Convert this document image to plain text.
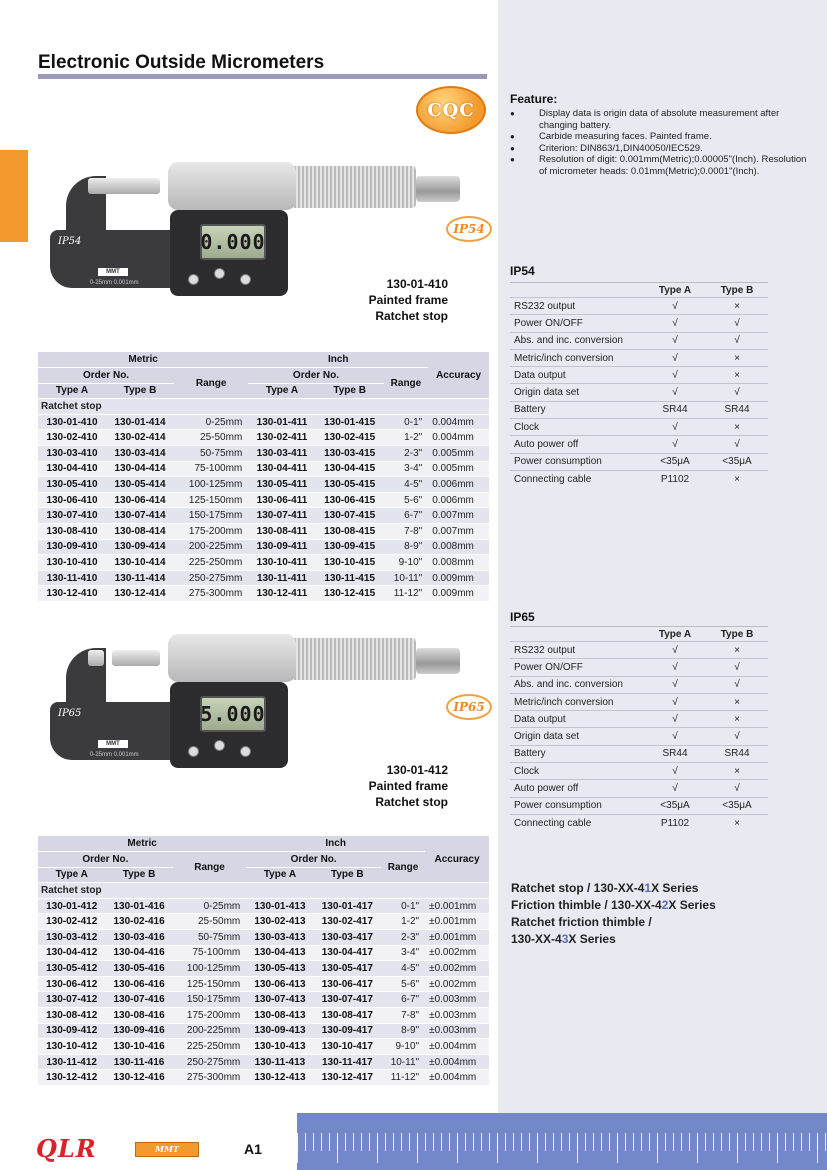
Electronic Outside Micrometers
CQC
0.000
IP54
MMT
0-25mm 0.001mm
IP54
130-01-410
Painted frame
Ratchet stop
Metric			Inch			Accuracy
Order No.		Range	Order No.		Range	
Type A	Type B		Type A	Type B		
Ratchet stop						
130-01-410	130-01-414	0-25mm	130-01-411	130-01-415	0-1"	0.004mm
130-02-410	130-02-414	25-50mm	130-02-411	130-02-415	1-2"	0.004mm
130-03-410	130-03-414	50-75mm	130-03-411	130-03-415	2-3"	0.005mm
130-04-410	130-04-414	75-100mm	130-04-411	130-04-415	3-4"	0.005mm
130-05-410	130-05-414	100-125mm	130-05-411	130-05-415	4-5"	0.006mm
130-06-410	130-06-414	125-150mm	130-06-411	130-06-415	5-6"	0.006mm
130-07-410	130-07-414	150-175mm	130-07-411	130-07-415	6-7"	0.007mm
130-08-410	130-08-414	175-200mm	130-08-411	130-08-415	7-8"	0.007mm
130-09-410	130-09-414	200-225mm	130-09-411	130-09-415	8-9"	0.008mm
130-10-410	130-10-414	225-250mm	130-10-411	130-10-415	9-10"	0.008mm
130-11-410	130-11-414	250-275mm	130-11-411	130-11-415	10-11"	0.009mm
130-12-410	130-12-414	275-300mm	130-12-411	130-12-415	11-12"	0.009mm
5.000
IP65
MMT
0-25mm 0.001mm
IP65
130-01-412
Painted frame
Ratchet stop
Metric			Inch			Accuracy
Order No.		Range	Order No.		Range	
Type A	Type B		Type A	Type B		
Ratchet stop						
130-01-412	130-01-416	0-25mm	130-01-413	130-01-417	0-1"	±0.001mm
130-02-412	130-02-416	25-50mm	130-02-413	130-02-417	1-2"	±0.001mm
130-03-412	130-03-416	50-75mm	130-03-413	130-03-417	2-3"	±0.001mm
130-04-412	130-04-416	75-100mm	130-04-413	130-04-417	3-4"	±0.002mm
130-05-412	130-05-416	100-125mm	130-05-413	130-05-417	4-5"	±0.002mm
130-06-412	130-06-416	125-150mm	130-06-413	130-06-417	5-6"	±0.002mm
130-07-412	130-07-416	150-175mm	130-07-413	130-07-417	6-7"	±0.003mm
130-08-412	130-08-416	175-200mm	130-08-413	130-08-417	7-8"	±0.003mm
130-09-412	130-09-416	200-225mm	130-09-413	130-09-417	8-9"	±0.003mm
130-10-412	130-10-416	225-250mm	130-10-413	130-10-417	9-10"	±0.004mm
130-11-412	130-11-416	250-275mm	130-11-413	130-11-417	10-11"	±0.004mm
130-12-412	130-12-416	275-300mm	130-12-413	130-12-417	11-12"	±0.004mm
Feature:
● Display data is origin data of absolute measurement after changing battery.
● Carbide measuring faces. Painted frame.
● Criterion: DIN863/1,DIN40050/IEC529.
● Resolution of digit: 0.001mm(Metric);0.00005"(Inch). Resolution of micrometer heads: 0.01mm(Metric);0.0001"(Inch).
IP54
	Type A	Type B
RS232 output	√	×
Power ON/OFF	√	√
Abs. and inc. conversion	√	√
Metric/inch conversion	√	×
Data output	√	×
Origin data set	√	√
Battery	SR44	SR44
Clock	√	×
Auto power off	√	√
Power consumption	<35μA	<35μA
Connecting cable	P1102	×
IP65
	Type A	Type B
RS232 output	√	×
Power ON/OFF	√	√
Abs. and inc. conversion	√	√
Metric/inch conversion	√	×
Data output	√	×
Origin data set	√	√
Battery	SR44	SR44
Clock	√	×
Auto power off	√	√
Power consumption	<35μA	<35μA
Connecting cable	P1102	×
Ratchet stop / 130-XX-41X Series
Friction thimble / 130-XX-42X Series
Ratchet friction thimble /
130-XX-43X Series
QLR	MMT	A1
